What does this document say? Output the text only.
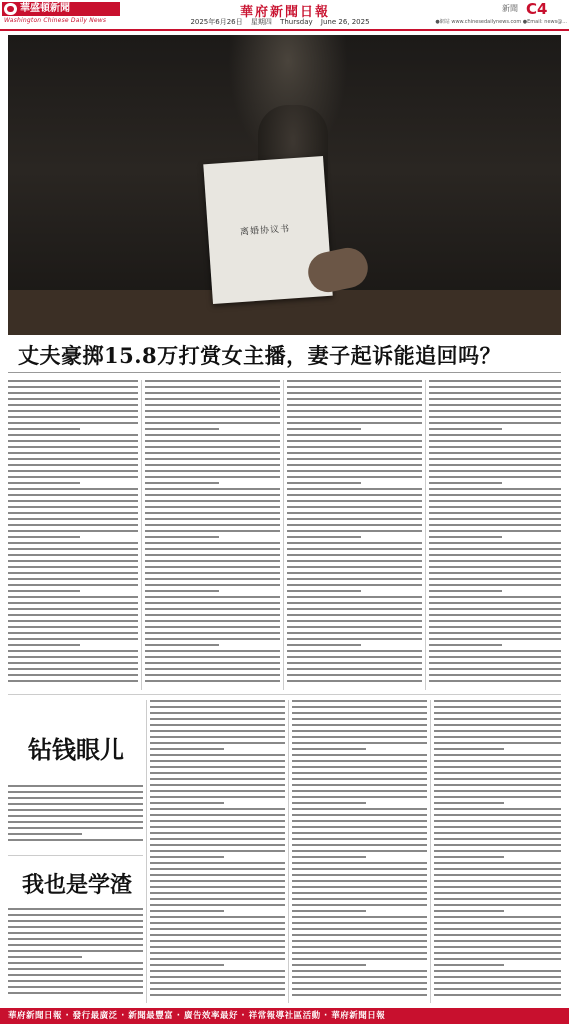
華盛頓新聞
Washington Chinese Daily News
華府新聞日報
2025年6月26日 星期四 Thursday June 26, 2025
新聞 C4
●網站 www.chinesedailynews.com ●Email: news@...
离婚协议书
丈夫豪掷15.8万打赏女主播，妻子起诉能追回吗？
钻钱眼儿
我也是学渣
華府新聞日報 · 發行最廣泛 · 新聞最豐富 · 廣告效率最好 · 祥常報導社區活動 · 華府新聞日報
